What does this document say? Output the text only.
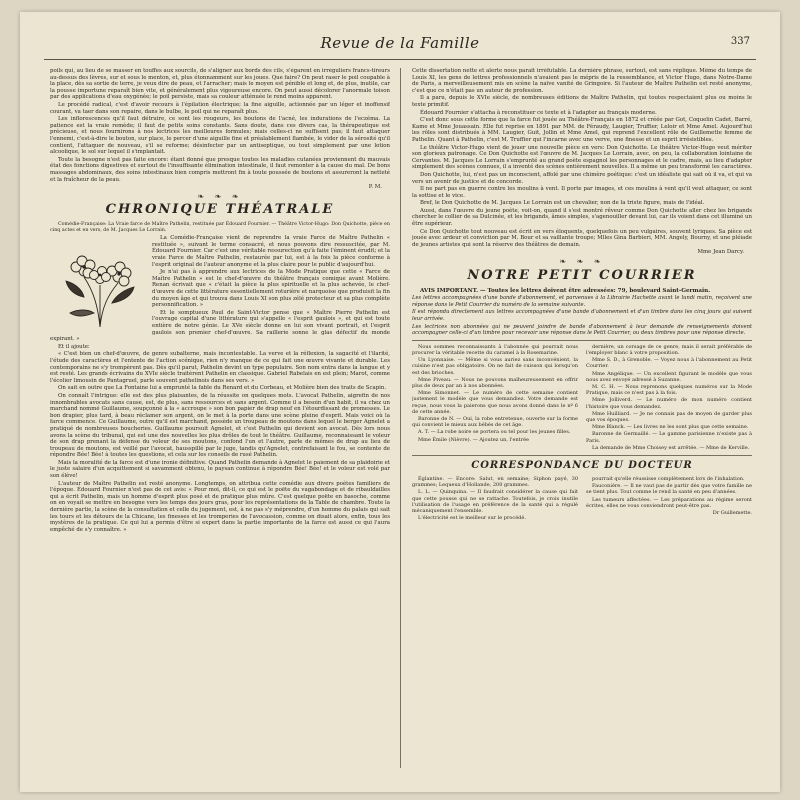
Revue de la Famille	337

poils qui, au lieu de se masser en touffes aux sourcils, de s'aligner aux bords des cils, s'égarent en irréguliers francs-tireurs au-dessus des lèvres, sur et sous le menton, et, plus étonnamment sur les joues. Que faire? On peut raser le poil coupable à la place, dès sa sortie de terre, je veux dire de peau, et l'arracher; mais le moyen est pénible et long et, de plus, inutile, car la pousse importune reparaît bien vite, et généralement plus vigoureuse encore. On peut aussi décolorer l'anormale toison par des applications d'eau oxygénée; le poil persiste, mais sa couleur atténuée le rend moins apparent.

Le procédé radical, c'est d'avoir recours à l'épilation électrique; la fine aiguille, actionnée par un léger et inoffensif courant, va taer dans son repaire, dans le bulbe, le poil qui ne reparaît plus.

Les inflorescences qu'il faut détruire, ce sont les rougeurs, les boutons de l'acné, les indurations de l'eczéma. La patience est la vraie remède; il faut de petits soins constants. Sans doute, dans ces divers cas, la thérapeutique est précieuse, et nous fournirons à nos lectrices les meilleures formules; mais celles-ci ne suffisent pas; il faut attaquer l'ennemi, c'est-à-dire le bouton, sur place, le percer d'une aiguille fine et préalablement flambée, le vider de la sérosité qu'il contient, l'attaquer de nouveau, s'il se reforme; désinfecter par un antiseptique, ou tout simplement par une lotion alcoolique, le sol sur lequel il s'implantait.

Toute la besogne n'est pas faite encore: étant donné que presque toutes les maladies cutanées proviennent du mauvais état des fonctions digestives et surtout de l'insuffisante élimination intestinale, il faut remonter à la cause du mal. De bons massages abdominaux, des soins intestinaux bien compris mettront fin à toute poussée de boutons et assureront la netteté et la fraîcheur de la peau.

P. M.
❧ ❧ ❧
CHRONIQUE THÉATRALE

Comédie-Française: La Vraie farce de Maître Pathelin, restituée par Édouard Fournier. — Théâtre Victor-Hugo: Don Quichotte, pièce en cinq actes et en vers, de M. Jacques Le Lorrain.

La Comédie-Française vient de reprendre la vraie Farce de Maître Pathelin « restituée », suivant le terme consacré, et nous pouvons dire ressuscitée, par M. Édouard Fournier. Car c'est une véritable ressurection qu'à faite l'éminent érudit; et la vraie Farce de Maître Pathelin, restaurée par lui, est à la fois la pièce conforme à l'esprit original de l'auteur anonyme et la plus claire pour le public d'aujourd'hui.

Je n'ai pas à apprendre aux lectrices de la Mode Pratique que cette « Farce de Maître Pathelin » est le chef-d'œuvre du théâtre français comique avant Molière. Renan écrivait que « c'était la pièce la plus spirituelle et la plus achevée, le chef-d'œuvre de cette littérature essentiellement roturière et narquoise que produisit la fin du moyen âge et qui trouva dans Louis XI son plus zélé protecteur et sa plus complète personnification. »

Et le somptueux Paul de Saint-Victor pense que « Maître Pierre Pathelin est l'ouvrage capital d'une littérature qui s'appelle « l'esprit gaulois », et qui est toute entière de notre génie. Le XVe siècle donne en lui son vivant portrait, et l'esprit gaulois son premier chef-d'œuvre. Sa raillerie sonne le glas défectif du monde expirant. »

Et il ajoute:

« C'est bien un chef-d'œuvre, de genre subalterne, mais incontestable. La verve et la réflexion, la sagacité et l'ilarité, l'étude des caractères et l'entente de l'action scénique, rien n'y manque de ce qui fait une œuvre vivante et durable. Les contemporains ne s'y trompèrent pas. Dès qu'il parut, Pathelin devint un type populaire. Son nom entra dans la langue et y est resté. Les grands écrivains du XVIe siècle traitèrent Pathelin en classique. Gabriel Rabelais en est plein; Marot, comme l'écolier limousin de Pantagruel, parle souvent pathelinois dans ses vers. »

On sait en outre que La Fontaine lui a emprunté la fable du Renard et du Corbeau, et Molière bien des traits de Scapin.

On connaît l'intrigue: elle est des plus plaisantes, de la réussite on quelques mots. L'avocat Pathelin, aigrefin de nos innombrables avocats sans cause, est, de plus, sans ressources et sans argent. Comme il a besoin d'un habit, il va chez un marchand nommé Guillaume, soupçonné à la « accroupe » son bon papier de drap neuf en l'étourdissant de promesses. Le bon drapier, plus tard, à beau réclamer son argent, on le met à la porte dans une scène pleine d'esprit. Mais voici où la farce commence. Ce Guillaume, outre qu'il est marchand, possède un troupeau de moutons dans lequel le berger Agnelet a pratiqué de nombreuses boucheries. Guillaume poursuit Agnelet, et c'est Pathelin qui devient son avocat. Dès lors nous avons la scène du tribunal, qui est une des nouvelles les plus drôles de tout le théâtre. Guillaume, reconnaissant le voleur de son drap prenant la défense du voleur de ses moutons, confond l'un et l'autre, parle de mêmes de drap au lieu de troupeau de moutons, est veillé par l'avocat, hausspillé par le juge, tandis qu'Agnelet, contrefaisant le fou, se contente de répondre Bée! Bée! à toutes les questions, et cela sur les conseils de rusé Pathelin.

Mais la moralité de la farce est d'une ironie définitive. Quand Pathelin demande à Agnelet le paiement de sa plaidoirie et le juste salaire d'un acquittement si savamment obtenu, le paysan continue à répondre Bée! Bée! et le voleur est volé par son élève!

L'auteur de Maître Pathelin est resté anonyme. Longtemps, on attribua cette comédie aux divers poètes familiers de l'époque. Édouard Fournier n'est pas de cet avis: « Pour moi, dit-il, ce qui est le poëte du vagabondage et de ribauldailles qui a écrit Pathelin, mais un homme d'esprit plus posé et de pratique plus mûre. C'est quelque poëte en basoche, comme on en voyait se mettre en besogne vers les temps des jours gras, pour les représentations de la Table de chambre. Toute la dernière partie, la scène de la consultation et celle du jugement, est, à ne pas s'y méprendre, d'un homme du palais qui sait les tours et les détours de la Chicane, les finesses et les tromperies de l'avocassion, comme on disait alors, enfin, tous les mystères de la pratique. Ce qui lui a permis d'être si expert dans la partie importante de la farce est aussi ce qui l'aura empêché de s'y connaître. »

Cette dissertation nette et alerte nous paraît irréfutable. La dernière phrase, surtout, est sans réplique. Même du temps de Louis XI, les gens de lettres professionnels n'avaient pas le mépris de la ressemblance, et Victor Hugo, dans Notre-Dame de Paris, a merveilleusement mis en scène la naïve vanité de Gringoire. Si l'auteur de Maître Pathelin est resté anonyme, c'est que ce n'était pas un auteur de profession.

Il a paru, depuis le XVIe siècle, de nombreuses éditions de Maître Pathelin, qui toutes respectaient plus ou moins le texte primitif.

Édouard Fournier s'attacha à reconstituer ce texte et à l'adapter au français moderne.

C'est donc sous cette forme que la farce fut jouée au Théâtre-Français en 1872 et créée par Got, Coquelin Cadet, Barré, Kame et Mme Jouassain. Elle fut reprise en 1891 par MM. de Féraudy, Laugier, Truffier, Leloir et Mme Amel. Aujourd'hui les rôles sont distribués à MM. Laugier, Guit, Jollin et Mme Amel, qui reprend l'excellent rôle de Guillemette femme de Pathelin. Quant à Pathelin, c'est M. Truffier qui l'incarne avec une verve, une finesse et un esprit irrésistibles.

Le théâtre Victor-Hugo vient de jouer une nouvelle pièce en vers: Don Quichotte. Le théâtre Victor-Hugo veut mériter son glorieux patronage. Ce Don Quichotte est l'œuvre de M. Jacques Le Lorrain, avec, on peu, la collaboration lointaine de Cervantes. M. Jacques Le Lorrain s'emprunté au grand poète espagnol les personnages et le cadre, mais, au lieu d'adapter simplement des scènes connues, il a inventé des scènes entièrement nouvelles. Il a même un peu transformé les caractères.

Don Quichotte, lui, n'est pas un inconscient, affolé par une chimère poétique: c'est un idéaliste qui sait où il va, et qui va vers un avenir de justice et de concorde.

Il ne part pas en guerre contre les moulins à vent. Il porte par images, et ces moulins à vent qu'il veut attaquer, ce sont la sottise et le vice.

Bref, le Don Quichotte de M. Jacques Le Lorrain est un chevalier, non de la triste figure, mais de l'idéal.

Aussi, dans l'œuvre du jeune poète, voit-on, quand il s'est montré rêveur comme Don Quichotte aller chez les brigands chercher le collier de sa Dulcinée, et les brigands, âmes simples, s'agenouiller devant lui, car ils voient dans cet illuminé un être supérieur.

Ce Don Quichotte tout nouveau est écrit en vers éloquents, quelquefois un peu vulgaires, souvent lyriques. Sa pièce est jouée avec ardeur et conviction par M. Bour et sa vaillante troupe; Mlles Gina Barbieri, MM. Angely, Bourny, et une pléiade de jeunes artistes qui sont la réserve des théâtres de demain.

Mme Jean Darcy.
❧ ❧ ❧
NOTRE PETIT COURRIER

AVIS IMPORTANT. — Toutes les lettres doivent être adressées: 79, boulevard Saint-Germain.

Les lettres accompagnées d'une bande d'abonnement, et parvenues à la Librairie Hachette avant le lundi matin, reçoivent une réponse dans le Petit Courrier du numéro de la semaine suivante.

Il est répondu directement aux lettres accompagnées d'une bande d'abonnement et d'un timbre dans les cinq jours qui suivent leur arrivée.

Les lectrices non abonnées qui ne peuvent joindre de bande d'abonnement à leur demande de renseignements doivent accompagner celle-ci d'un timbre pour recevoir une réponse dans le Petit Courrier, ou deux timbres pour une réponse directe.

Nous sommes reconnaissants à l'abonnée qui pourrait nous procurer la véritable recette du caramel à la Rosemarine.

Un Lyonnaise. — Même si vous auriez sans inconvénient, la cuisine n'est pas obligatoire. On ne fait de cuisson qui lorsqu'on est des brioches.

Mme Piveau. — Nous ne pouvons malheureusement en offrir plus de deux par an à nos abonnées.

Mme Simonnet. — Le numéro de cette semaine contient justement le modèle que vous demandiez. Votre demande est reçue, nous vous la paierons que nous avons donné dans le nº 6 de cette année.

Baronne de N. — Oui, la robe entretenue, ouverte sur la forme qui convient le mieux aux bébés de cet âge.

A. T. — La robe noire se portera ou tel pour les jeunes filles.

Mme Émile (Nièvre). — Ajoutez un, l'entrée

dernière, un corsage de ce genre, mais il serait préférable de l'employer blanc à votre proposition.

Mme S. D., à Grenoble. — Voyez nous à l'abonnement au Petit Courrier.

Mme Angélique. — Un excellent figurant le modèle que vous nous avez envoyé adressé à Suzanne.

M. C. H. — Nous reprenons quelques numéros sur la Mode Pratique, mais ce n'est pas à la fois.

Mme Jolliverd. — Le numéro de mon numéro contient l'histoire que vous demandez.

Mme Huilliard. — Je ne connais pas de moyen de garder plus que vos époques.

Mme Blanck. — Les livres ne les sont plus que cette semaine.

Baronne de Germaillé. — Le gamme parisienne n'existe pas à Paris.

La demande de Mme Choisey est arrêtée. — Mme de Kerville.

CORRESPONDANCE DU DOCTEUR

Églantine. — Encore: Salut, en semaine; Siphon payé, 30 grammes; Lequeux d'Hollande, 200 grammes.

L. L. — Quinquina. — Il faudrait considérer la cause qui fait que cette pousse qui ne se rattache. Toutefois, je crois inutile l'utilisation de l'usage en préférence de la santé qui a régulé mécaniquement l'ensemble.

L'électricité est le meilleur sur le procédé.

pourrait qu'elle réussisse complètement lors de l'inhalation.

Fauconière. — Il ne vaut pas de partir dès que votre famille ne se tient plus. Tout comme le rend la santé en peu d'années.

Les tumeurs affectées. — Les préparations au régime seront écrites, elles ne vous conviendront peut-être pas.

Dr Guillemette.
